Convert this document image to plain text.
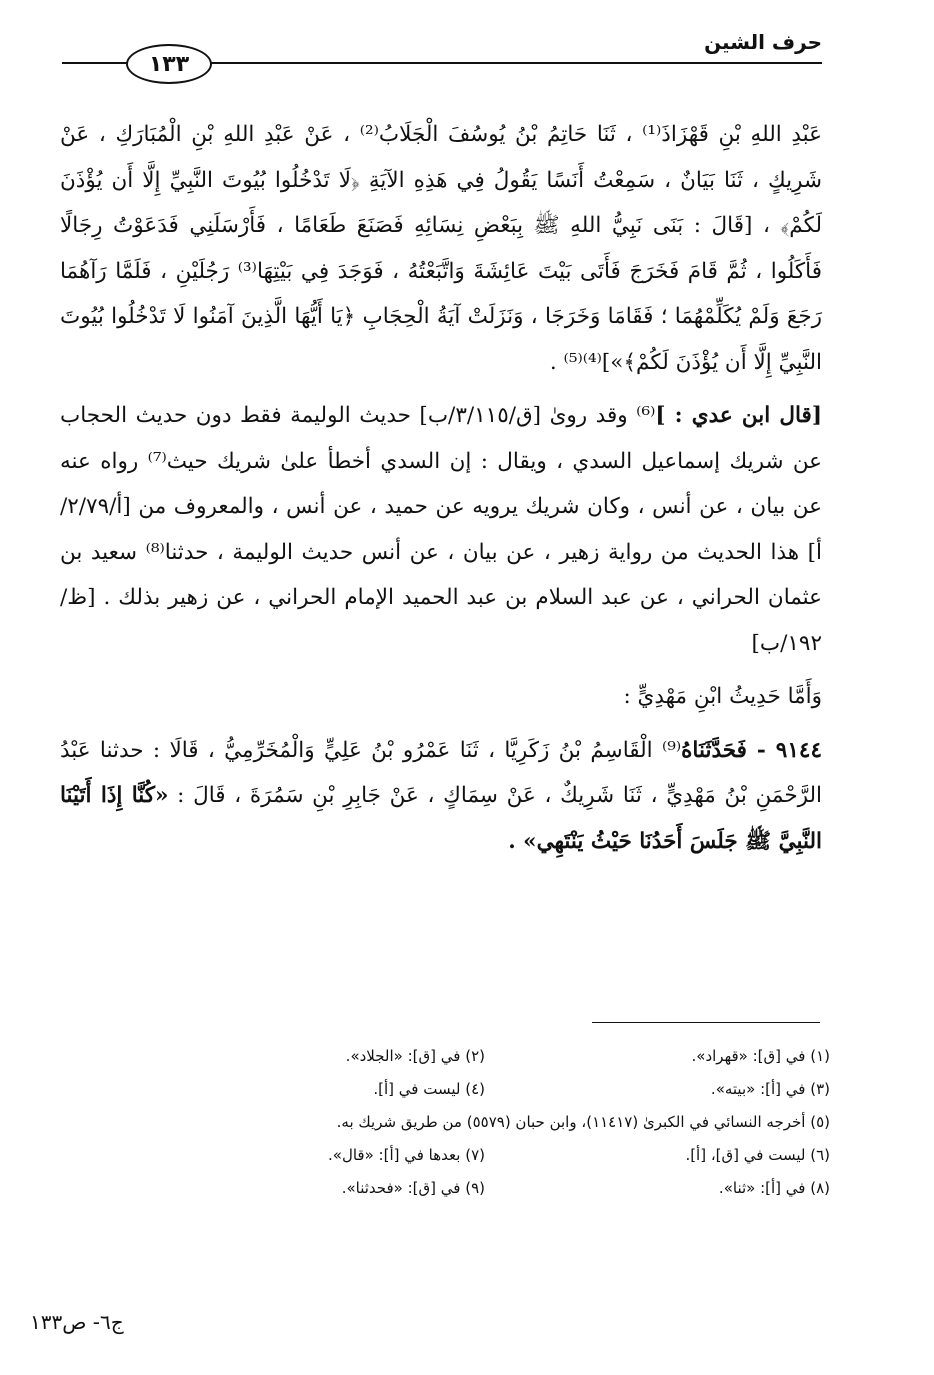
حرف الشين
١٣٣

عَبْدِ اللهِ بْنِ قَهْزَاذَ⁽¹⁾ ، ثَنَا حَاتِمُ بْنُ يُوسُفَ الْجَلَابُ⁽²⁾ ، عَنْ عَبْدِ اللهِ بْنِ الْمُبَارَكِ ، عَنْ شَرِيكٍ ، ثَنَا بَيَانٌ ، سَمِعْتُ أَنَسًا يَقُولُ فِي هَذِهِ الآيَةِ ﴿لَا تَدْخُلُوا بُيُوتَ النَّبِيِّ إِلَّا أَن يُؤْذَنَ لَكُمْ﴾ ، [قَالَ : بَنَى نَبِيُّ اللهِ ﷺ بِبَعْضِ نِسَائِهِ فَصَنَعَ طَعَامًا ، فَأَرْسَلَنِي فَدَعَوْتُ رِجَالًا فَأَكَلُوا ، ثُمَّ قَامَ فَخَرَجَ فَأَتَى بَيْتَ عَائِشَةَ وَاتَّبَعْتُهُ ، فَوَجَدَ فِي بَيْتِهَا⁽³⁾ رَجُلَيْنِ ، فَلَمَّا رَآهُمَا رَجَعَ وَلَمْ يُكَلِّمْهُمَا ؛ فَقَامَا وَخَرَجَا ، وَنَزَلَتْ آيَةُ الْحِجَابِ ﴿يَا أَيُّهَا الَّذِينَ آمَنُوا لَا تَدْخُلُوا بُيُوتَ النَّبِيِّ إِلَّا أَن يُؤْذَنَ لَكُمْ﴾»]⁽⁴⁾⁽⁵⁾ .

[قال ابن عدي : ]⁽⁶⁾ وقد روىٰ [ق/٣/١١٥/ب] حديث الوليمة فقط دون حديث الحجاب عن شريك إسماعيل السدي ، ويقال : إن السدي أخطأ علىٰ شريك حيث⁽⁷⁾ رواه عنه عن بيان ، عن أنس ، وكان شريك يرويه عن حميد ، عن أنس ، والمعروف من [أ/٢/٧٩/أ] هذا الحديث من رواية زهير ، عن بيان ، عن أنس حديث الوليمة ، حدثنا⁽⁸⁾ سعيد بن عثمان الحراني ، عن عبد السلام بن عبد الحميد الإمام الحراني ، عن زهير بذلك . [ظ/١٩٢/ب]

وَأَمَّا حَدِيثُ ابْنِ مَهْدِيٍّ :

٩١٤٤ - فَحَدَّثَنَاهُ⁽⁹⁾ الْقَاسِمُ بْنُ زَكَرِيَّا ، ثَنَا عَمْرُو بْنُ عَلِيٍّ وَالْمُخَرِّمِيُّ ، قَالَا : حدثنا عَبْدُ الرَّحْمَنِ بْنُ مَهْدِيٍّ ، ثَنَا شَرِيكٌ ، عَنْ سِمَاكٍ ، عَنْ جَابِرِ بْنِ سَمُرَةَ ، قَالَ : «كُنَّا إِذَا أَتَيْنَا النَّبِيَّ ﷺ جَلَسَ أَحَدُنَا حَيْثُ يَنْتَهِي» .

(١) في [ق]: «قهراد».
(٢) في [ق]: «الجلاد».
(٣) في [أ]: «بيته».
(٤) ليست في [أ].
(٥) أخرجه النسائي في الكبرىٰ (١١٤١٧)، وابن حبان (٥٥٧٩) من طريق شريك به.
(٦) ليست في [ق]، [أ].
(٧) بعدها في [أ]: «قال».
(٨) في [أ]: «ثنا».
(٩) في [ق]: «فحدثنا».
ج٦- ص١٣٣
